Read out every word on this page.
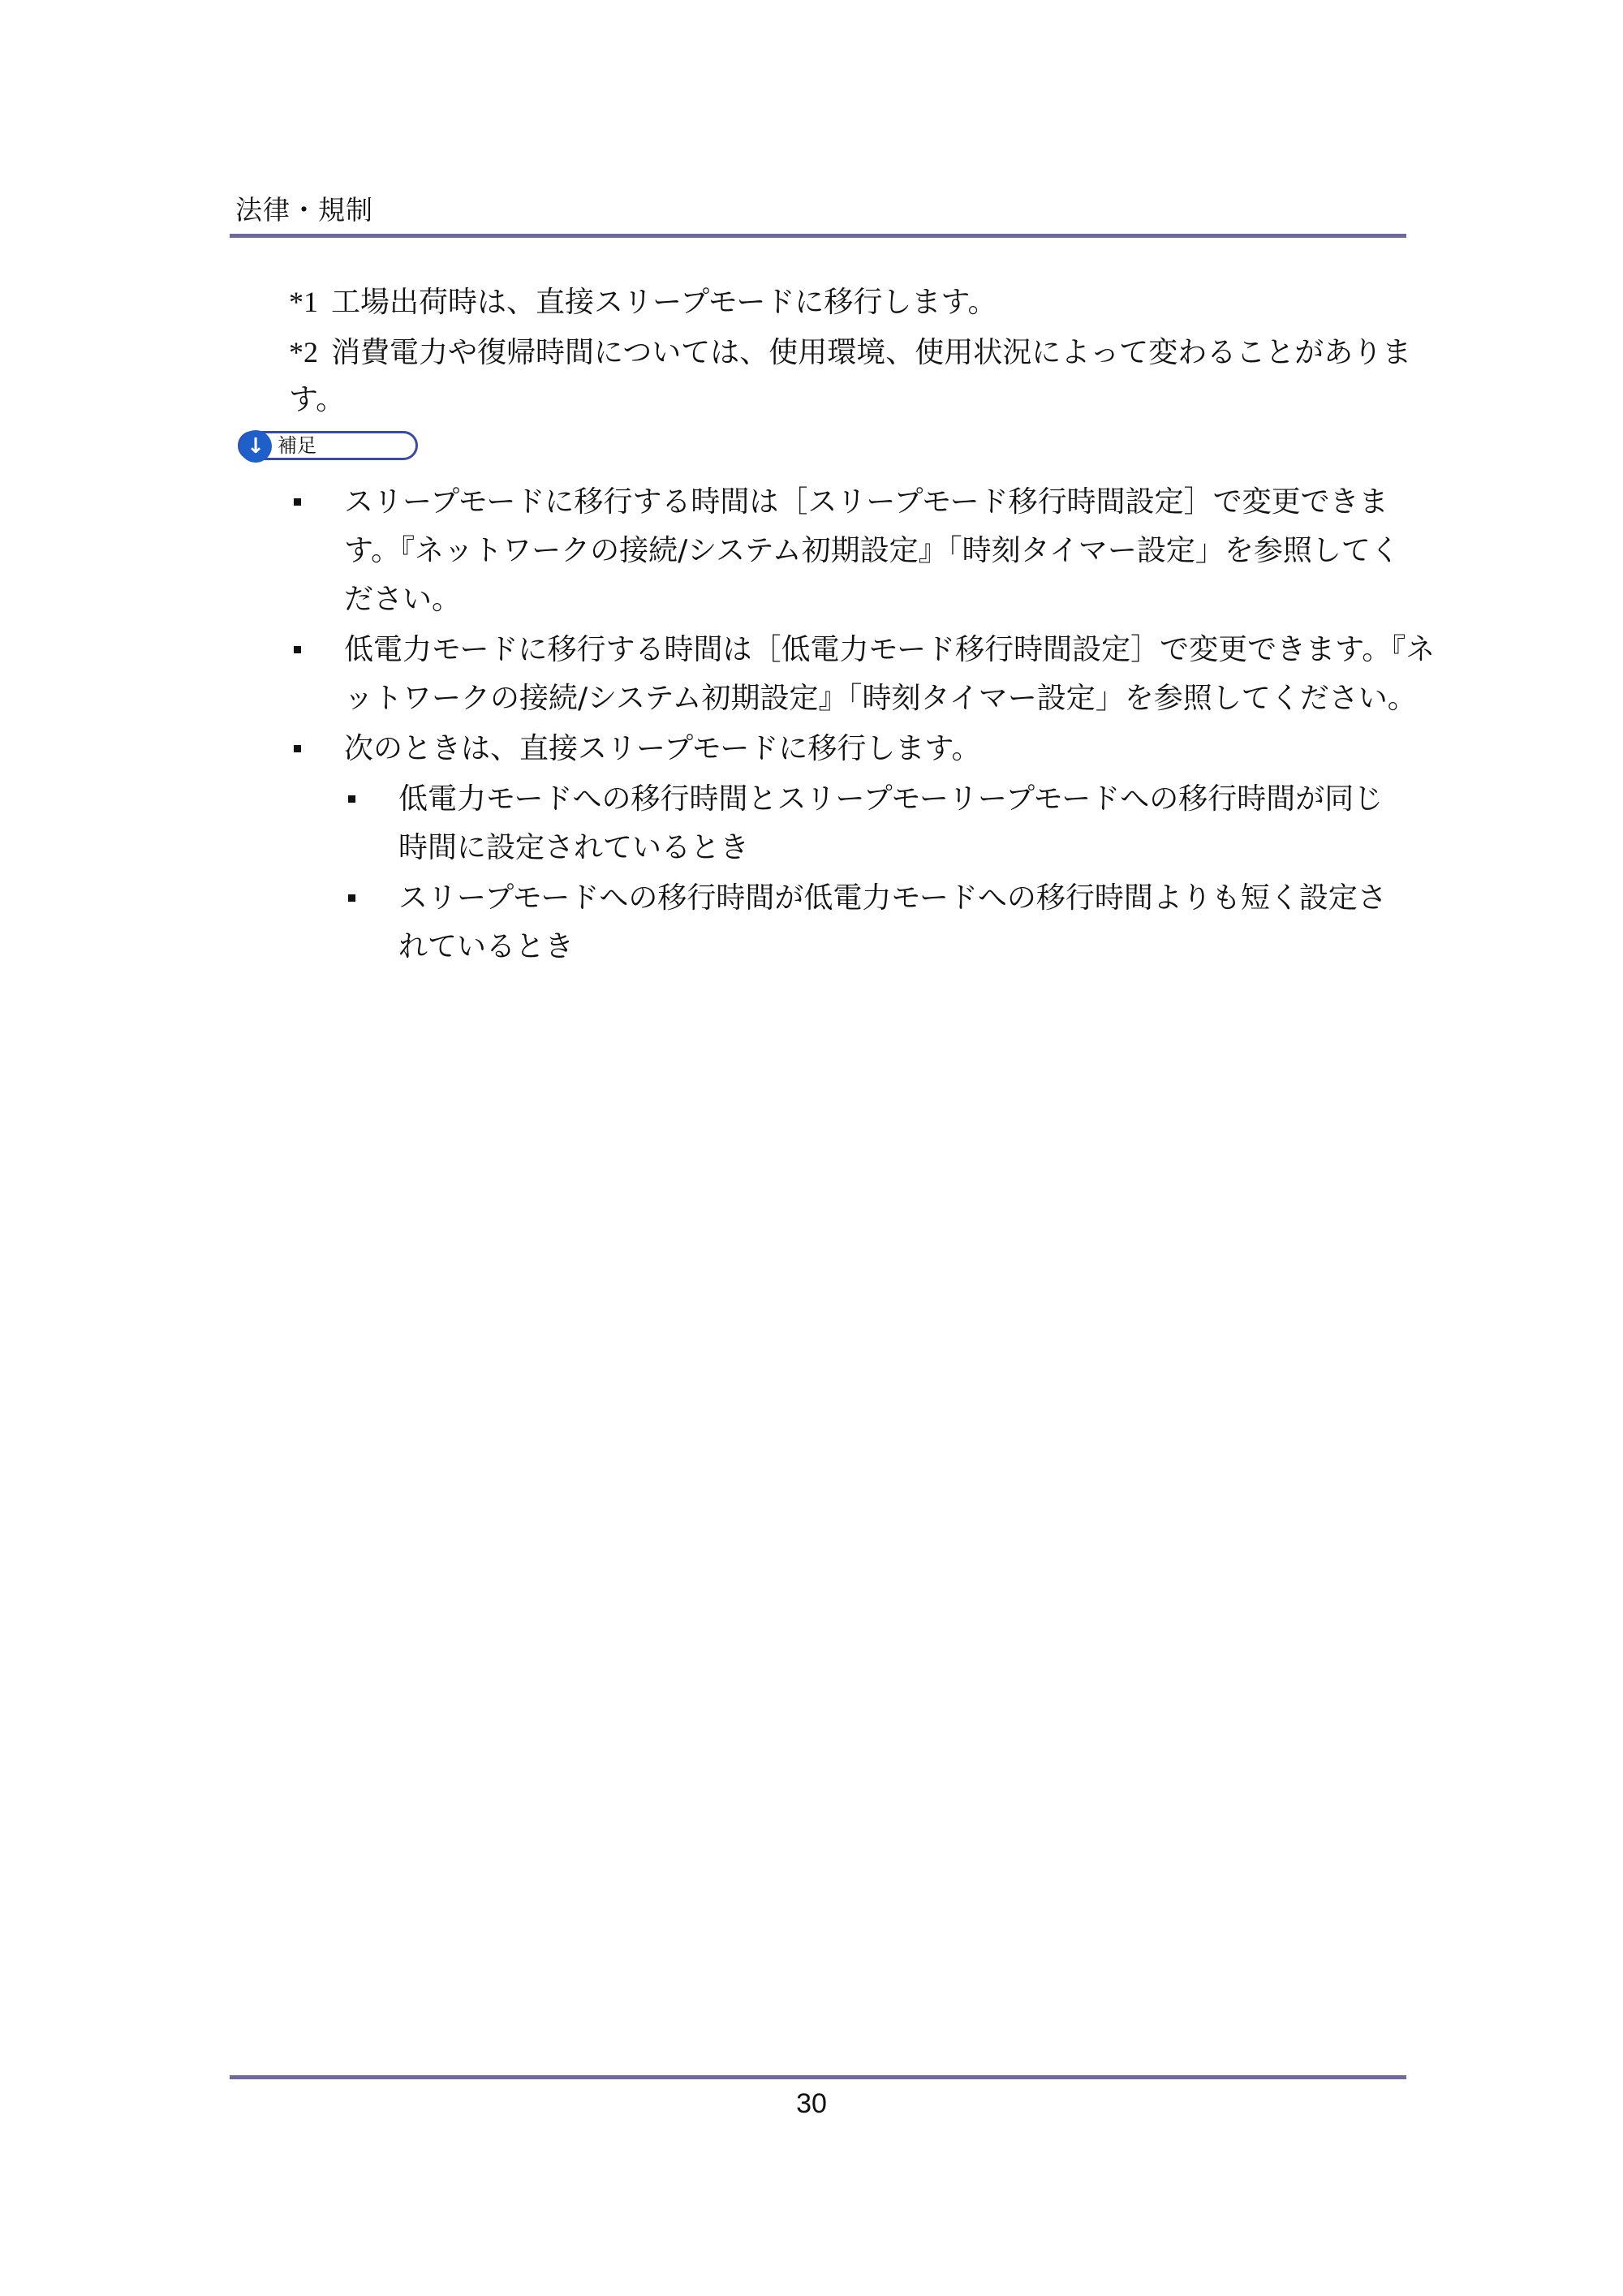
法律・規制
*1 工場出荷時は、直接スリープモードに移行します。
*2 消費電力や復帰時間については、使用環境、使用状況によって変わることがありま
す。
↓ 補足
スリープモードに移行する時間は［スリープモード移行時間設定］で変更できま
す。『ネットワークの接続/システム初期設定』「時刻タイマー設定」を参照してく
ださい。
低電力モードに移行する時間は［低電力モード移行時間設定］で変更できます。『ネ
ットワークの接続/システム初期設定』「時刻タイマー設定」を参照してください。
次のときは、直接スリープモードに移行します。
低電力モードへの移行時間とスリープモーリープモードへの移行時間が同じ
時間に設定されているとき
スリープモードへの移行時間が低電力モードへの移行時間よりも短く設定さ
れているとき
30
